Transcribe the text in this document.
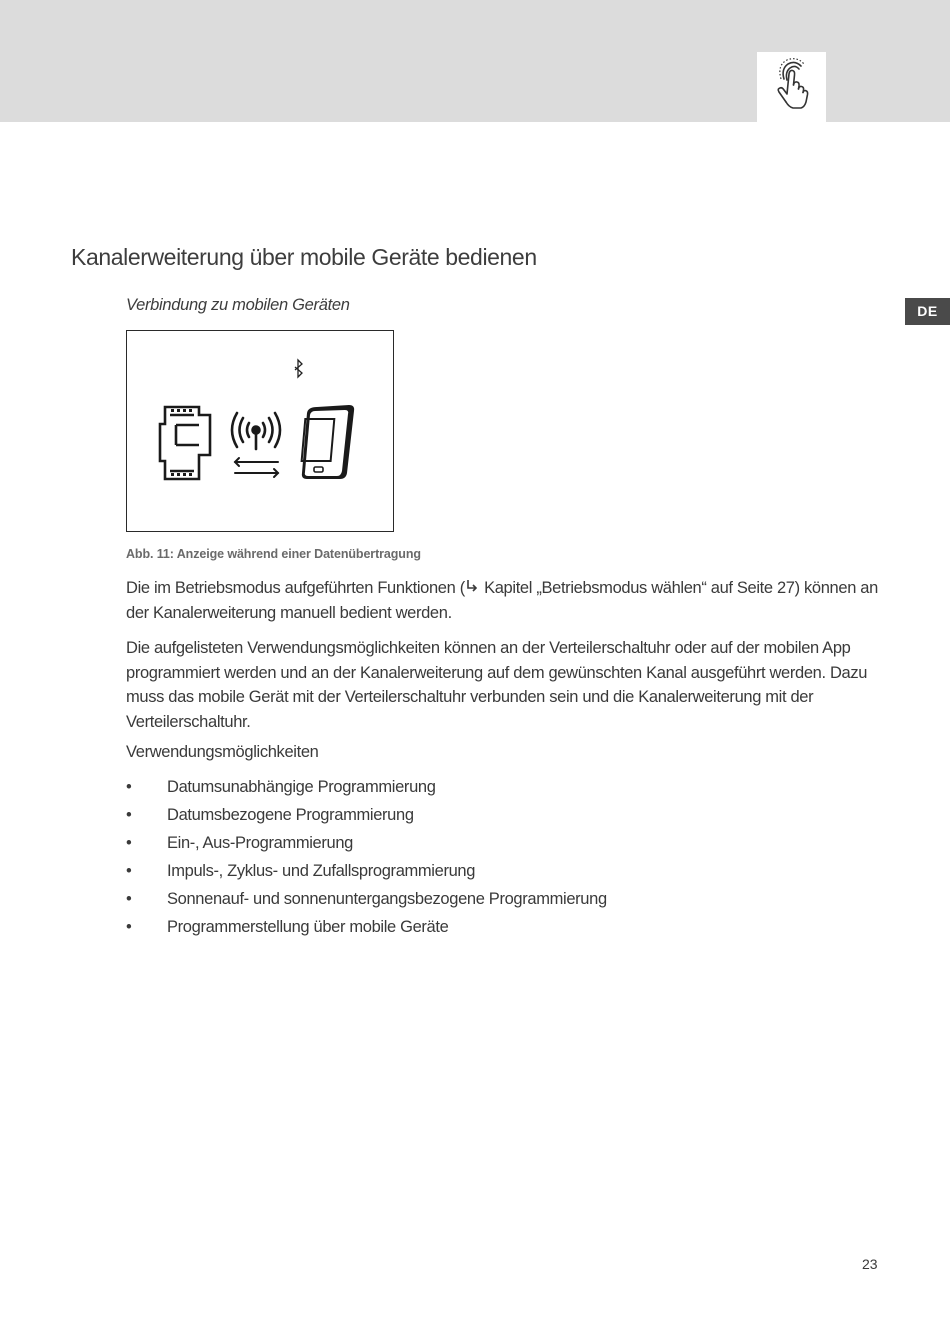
DE
Kanalerweiterung über mobile Geräte bedienen

Verbindung zu mobilen Geräten

Abb. 11: Anzeige während einer Datenübertragung

Die im Betriebsmodus aufgeführten Funktionen ( Kapitel „Betriebsmodus wählen“ auf Seite 27) können an der Kanalerweiterung manuell bedient werden.

Die aufgelisteten Verwendungsmöglichkeiten können an der Verteilerschaltuhr oder auf der mobilen App programmiert werden und an der Kanalerweiterung auf dem gewünschten Kanal ausgeführt werden. Dazu muss das mobile Gerät mit der Verteilerschaltuhr verbunden sein und die Kanalerweiterung mit der Verteilerschaltuhr.

Verwendungsmöglichkeiten

•	Datumsunabhängige Programmierung
•	Datumsbezogene Programmierung
•	Ein-, Aus-Programmierung
•	Impuls-, Zyklus- und Zufallsprogrammierung
•	Sonnenauf- und sonnenuntergangsbezogene Programmierung
•	Programmerstellung über mobile Geräte

23
